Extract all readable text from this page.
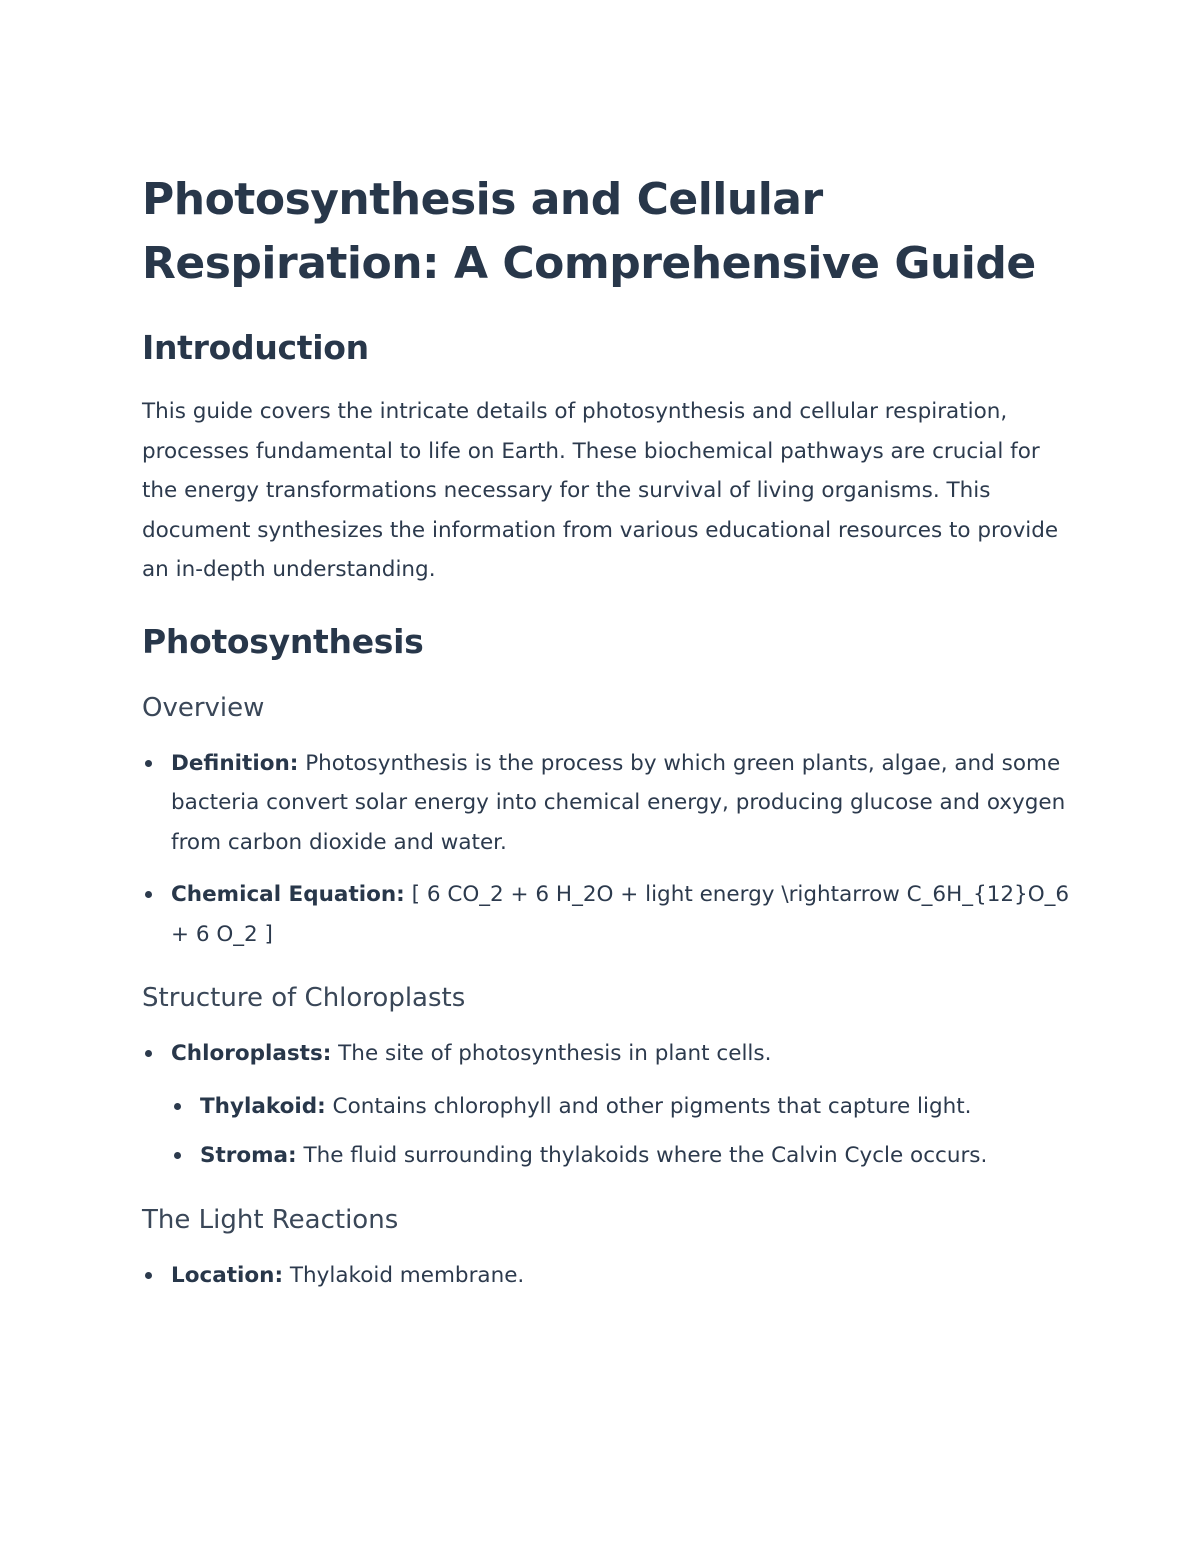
Photosynthesis and Cellular Respiration: A Comprehensive Guide
Introduction

This guide covers the intricate details of photosynthesis and cellular respiration, processes fundamental to life on Earth. These biochemical pathways are crucial for the energy transformations necessary for the survival of living organisms. This document synthesizes the information from various educational resources to provide an in-depth understanding.

Photosynthesis
Overview
Definition: Photosynthesis is the process by which green plants, algae, and some bacteria convert solar energy into chemical energy, producing glucose and oxygen from carbon dioxide and water.
Chemical Equation: [ 6 CO_2 + 6 H_2O + light energy \rightarrow C_6H_{12}O_6 + 6 O_2 ]
Structure of Chloroplasts
Chloroplasts: The site of photosynthesis in plant cells.
Thylakoid: Contains chlorophyll and other pigments that capture light.
Stroma: The fluid surrounding thylakoids where the Calvin Cycle occurs.
The Light Reactions
Location: Thylakoid membrane.
